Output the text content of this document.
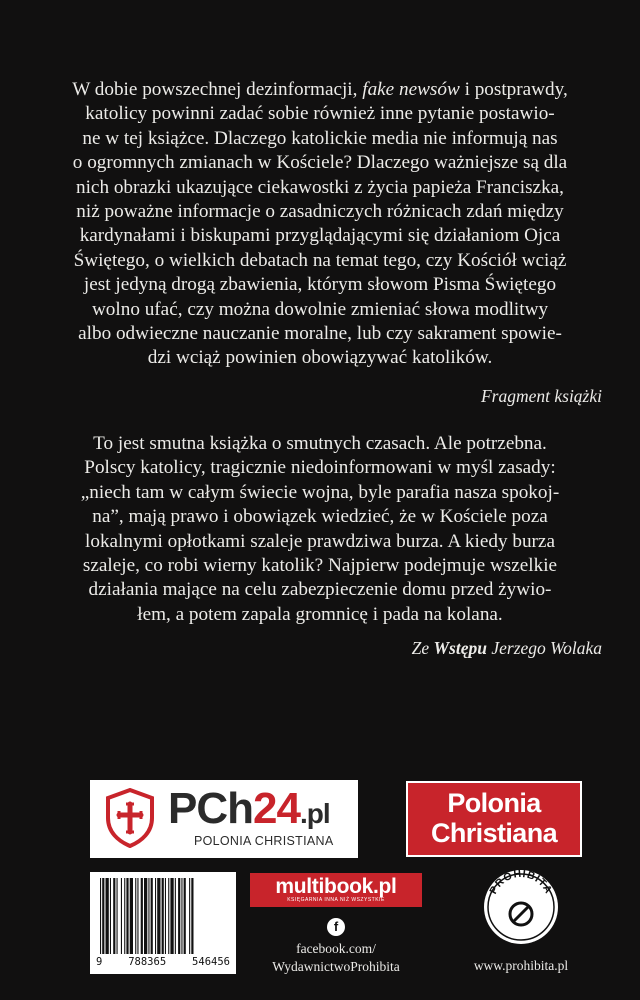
W dobie powszechnej dezinformacji, fake newsów i postprawdy,
katolicy powinni zadać sobie również inne pytanie postawio-
ne w tej książce. Dlaczego katolickie media nie informują nas
o ogromnych zmianach w Kościele? Dlaczego ważniejsze są dla
nich obrazki ukazujące ciekawostki z życia papieża Franciszka,
niż poważne informacje o zasadniczych różnicach zdań między
kardynałami i biskupami przyglądającymi się działaniom Ojca
Świętego, o wielkich debatach na temat tego, czy Kościół wciąż
jest jedyną drogą zbawienia, którym słowom Pisma Świętego
wolno ufać, czy można dowolnie zmieniać słowa modlitwy
albo odwieczne nauczanie moralne, lub czy sakrament spowie-
dzi wciąż powinien obowiązywać katolików.

Fragment książki

To jest smutna książka o smutnych czasach. Ale potrzebna.
Polscy katolicy, tragicznie niedoinformowani w myśl zasady:
„niech tam w całym świecie wojna, byle parafia nasza spokoj-
na”, mają prawo i obowiązek wiedzieć, że w Kościele poza
lokalnymi opłotkami szaleje prawdziwa burza. A kiedy burza
szaleje, co robi wierny katolik? Najpierw podejmuje wszelkie
działania mające na celu zabezpieczenie domu przed żywio-
łem, a potem zapala gromnicę i pada na kolana.

Ze Wstępu Jerzego Wolaka

PCh24.pl
POLONIA CHRISTIANA
Polonia
Christiana
9 788365 546456
multibook.pl
KSIĘGARNIA INNA NIŻ WSZYSTKIE
f
facebook.com/
WydawnictwoProhibita
PROHIBITA
www.prohibita.pl
